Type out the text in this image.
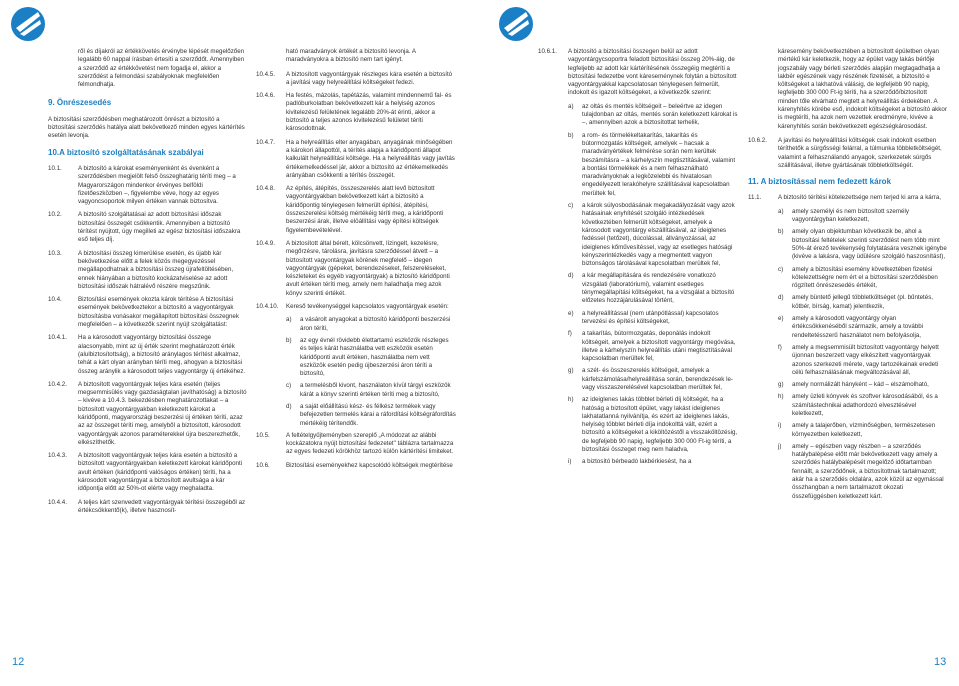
ről és díjakról az értékkövetés érvénybe lépését megelőzően legalább 60 nappal írásban értesíti a szerződőt. Amennyiben a szerződő az értékkövetést nem fogadja el, akkor a szerződést a felmondási szabályoknak megfelelően felmondhatja.

9. Önrészesedés

A biztosítási szerződésben meghatározott önrészt a biztosító a biztosítási szerződés hatálya alatt bekövetkező minden egyes kártérítés esetén levonja.

10.A biztosító szolgáltatásának szabályai
10.1.	A biztosító a károkat eseményenként és évenként a szerződésben megjelölt felső összeghatárig téríti meg – a Magyarországon mindenkor érvényes belföldi fizetőeszközben –, figyelembe véve, hogy az egyes vagyoncsoportok milyen értéken vannak biztosítva.
10.2.	A biztosító szolgáltatásai az adott biztosítási időszak biztosítási összegét csökkentik. Amennyiben a biztosító térítést nyújtott, úgy megilleti az egész biztosítási időszakra eső teljes díj.
10.3.	A biztosítási összeg kimerülése esetén, és újabb kár bekövetkezése előtt a felek közös megegyezéssel megállapodhatnak a biztosítási összeg újrafeltöltésében, ennek hiányában a biztosító kockázatviselése az adott biztosítási időszak hátralévő részére megszűnik.
10.4.	Biztosítási események okozta károk térítése A biztosítási események bekövetkeztekor a biztosító a vagyontárgyak biztosításba vonásakor megállapított biztosítási összegnek megfelelően – a következők szerint nyújt szolgáltatást:
10.4.1.	Ha a károsodott vagyontárgy biztosítási összege alacsonyabb, mint az új érték szerint meghatározott érték (alulbiztosítottság), a biztosító aránylagos térítést alkalmaz, tehát a kárt olyan arányban téríti meg, ahogyan a biztosítási összeg aránylik a károsodott teljes vagyontárgy új értékéhez.
10.4.2.	A biztosított vagyontárgyak teljes kára esetén (teljes megsemmisülés vagy gazdaságtalan javíthatóság) a biztosító – kivéve a 10.4.3. bekezdésben meghatározottakat – a biztosított vagyontárgyakban keletkezett károkat a káridőponti, magyarországi beszerzési új értéken téríti, azaz az az összeget téríti meg, amelyből a biztosított, károsodott vagyontárgyak azonos paraméterekkel újra beszerezhetők, elkészíthetők.
10.4.3.	A biztosított vagyontárgyak teljes kára esetén a biztosító a biztosított vagyontárgyakban keletkezett károkat káridőponti avult értéken (káridőponti valóságos értéken) téríti, ha a károsodott vagyontárgyat a biztosított avultsága a kár időpontja előtt az 50%-ot elérte vagy meghaladta.
10.4.4.	A teljes kárt szenvedett vagyontárgyak térítési összegéből az értékcsökkentő(k), illetve hasznosít-

ható maradványok értékét a biztosító levonja. A maradványokra a biztosító nem tart igényt.

10.4.5.	A biztosított vagyontárgyak részleges kára esetén a biztosító a javítási vagy helyreállítási költségeket fedezi.
10.4.6.	Ha festés, mázolás, tapétázás, valamint mindennemű fal- és padlóburkolatban bekövetkezett kár a helyiség azonos kivitelezésű felületének legalább 20%-át érinti, akkor a biztosító a teljes azonos kivitelezésű felületet téríti károsodottnak.
10.4.7.	Ha a helyreállítás elter anyagában, anyagának minőségében a károkori állapottól, a térítés alapja a káridőponti állapot kalkulált helyreállítási költsége. Ha a helyreállítás vagy javítás értékemelkedéssel jár, akkor a biztosító az értékemelkedés arányában csökkenti a térítés összegét.
10.4.8.	Az építés, átépítés, összeszerelés alatt levő biztosított vagyontárgyakban bekövetkezett kárt a biztosító a káridőpontig ténylegesen felmerült építési, átépítési, összeszerelési költség mértékéig téríti meg, a káridőponti beszerzési árak, illetve elöállítási vagy építési költségek figyelembevételével.
10.4.9.	A biztosított által bérelt, kölcsönvett, lízingelt, kezelésre, megőrzésre, tárolásra, javításra szerződéssel átvett – a biztosított vagyontárgyak körének megfelelő – idegen vagyontárgyak (gépeket, berendezéseket, felszereléseket, készleteket és egyéb vagyontárgyak) a biztosító káridőponti avult értéken téríti meg, amely nem haladhatja meg azok könyv szerinti értékét.
10.4.10.	Kereső tevékenységgel kapcsolatos vagyontárgyak esetén:
a)	a vásárolt anyagokat a biztosító káridőponti beszerzési áron téríti,
b)	az egy évnél rövidebb élettartamú eszközök részleges és teljes kárát használatba vett eszközök esetén káridőponti avult értéken, használatba nem vett eszközök esetén pedig újbeszerzési áron téríti a biztosító,
c)	a termelésből kivont, használaton kívül tárgyi eszközök kárát a könyv szerinti értéken téríti meg a biztosító,
d)	a saját előállítású kész- és félkész termékek vagy befejezetlen termelés kárai a ráfordítási költségráfordítás mértékéig térítendők.
10.5.	A feltételgyűjteményben szereplő „A módozat az alábbi kockázatokra nyújt biztosítási fedezetet" táblázra tartalmazza az egyes fedezeti körökhöz tartozó külön kártérítési limiteket.
10.6.	Biztosítási eseményekhez kapcsolódó költségek megtérítése
10.6.1.	A biztosító a biztosítási összegen belül az adott vagyontárgycsoportra feladott biztosítási összeg 20%-áig, de legfeljebb az adott kár kártérítésének összegéig megtéríti a biztosítási fedezetbe vont káreseménynek folytán a biztosított vagyontárgyakkal kapcsolatosan ténylegesen felmerült, indokolt és igazolt költségeket, a következők szerint:
a)	az oltás és mentés költségeit – beleértve az idegen tulajdonban az oltás, mentés során keletkezett károkat is –, amennyiben azok a biztosítottat terhelik,
b)	a rom- és törmelékeltakarítás, takarítás és bútormozgatás költségeit, amelyek – hacsak a maradványértékek felmérése során nem kerültek beszámításra – a kárhelyszín megtisztításával, valamint a bontási törmelékek és a nem felhasználható maradványoknak a legközelebbi és hivatalosan engedélyezett lerakóhelyre szállításával kapcsolatban merültek fel,
c)	a károk súlyosbodásának megakadályozását vagy azok hatásainak enyhítését szolgáló intézkedések következtében felmerült költségeket, amelyek a károsodott vagyontárgy elszállításával, az ideiglenes fedéssel (tetőzet), dúcolással, állványozással, az ideiglenes kőművesítéssel, vagy az esetleges hatósági kényszerintézkedés vagy a megmentett vagyon biztonságos tárolásával kapcsolatban merültek fel,
d)	a kár megállapítására és rendezésére vonatkozó vizsgálati (laboratóriumi), valamint esetleges ténymegállapítási költségeket, ha a vizsgálat a biztosító előzetes hozzájárulásával történt,
e)	a helyreállítással (nem utánpótlással) kapcsolatos tervezési és építési költségeket,
f)	a takarítás, bútormozgatás, deponálás indokolt költségeit, amelyek a biztosított vagyontárgy megóvása, illetve a kárhelyszín helyreállítás utáni megtisztításával kapcsolatban merültek fel,
g)	a szét- és összeszerelés költségeit, amelyek a kárfelszámolása/helyreállítása során, berendezések le- vagy visszaszerelésével kapcsolatban merültek fel,
h)	az ideiglenes lakás többlet bérleti díj költségét, ha a hatóság a biztosított épület, vagy lakást ideiglenes lakhatatlanná nyilvánítja, és ezért az ideiglenes lakás, helyiség többlet bérleti díja indokolttá vált, ezért a biztosító a költségeket a kiköltözéstől a visszaköltözésig, de legfeljebb 90 napig, legfeljebb 300 000 Ft-ig téríti, a biztosítási összeget meg nem haladva,
i)	a biztosító bérbeadó lakbérkiesést, ha a

káresemény bekövetkeztében a biztosított épületben olyan mértékű kár keletkezik, hogy az épület vagy lakás bérlője jogszabály vagy bérleti szerződés alapján megtagadhatja a lakbér egészének vagy részének fizetését, a biztosító e költségeket a lakhatóvá válásig, de legfeljebb 90 napig, legfeljebb 300 000 Ft-ig téríti, ha a szerződő/biztosított minden tőle elvárható megtett a helyreállítás érdekében. A kárenyhítés körébe eső, indokolt költségeket a biztosító akkor is megtéríti, ha azok nem vezettek eredményre, kivéve a kárenyhítés során bekövetkezett egészségkárosodást.

10.6.2.	A javítási és helyreállítási költségek csak indokolt esetben téríthetők a sürgősségi felárral, a túlmunka többletköltségét, valamint a felhasználandó anyagok, szerkezetek súrgős szállításával, illetve gyártásának többletköltségét.
11. A biztosítással nem fedezett károk
11.1.	A biztosító térítési kötelezettsége nem terjed ki arra a kárra,
a)	amely személyi és nem biztosított személy vagyontárgyban keletkezett,
b)	amely olyan objektumban következik be, ahol a biztosítási feltételek szerinti szerződést nem több mint 50%-át érező tevékenység folytatására vesznek igénybe (kivéve a lakásra, vagy üdülésre szolgáló haszosnítást),
c)	amely a biztosítási esemény következtében fizetési kötelezettségre nem ért el a biztosítási szerződésben rögzített önrészesedés értékét,
d)	amely büntető jellegű többletköltséget (pl. bűntetés, kötbér, bírság, kamat) jelentkezik,
e)	amely a károsodott vagyontárgy olyan értékcsökkenéséből származik, amely a további rendeltetésszerű használatot nem befolyásolja,
f)	amely a megsemmisült biztosított vagyontárgy helyett újonnan beszerzett vagy elkészített vagyontárgyak azonos szerkezeti mérete, vagy tartozékainak eredeti célú felhasználásának megváltozásával áll,
g)	amely normálizált hányként – kád – elszámolható,
h)	amely üzleti kónyvek és szoftver károsodásából, és a számítástechnikai adathordozó elvesztésével keletkezett,
i)	amely a talajerőben, vízminőségben, természetesen környezetben keletkezett,
j)	amely – egészben vagy részben – a szerződés hatálybalépése előtt már bekövetkezett vagy amely a szerződés hatálybalépését megelőző időtartamban fennállt, a szerződőnek, a biztosítottnak tartalmazott; akár ha a szerződés oldalára, azok közül az egymással összhangban a nem tartalmazott okozati összefüggésben keletkezett kárt.
12	13
